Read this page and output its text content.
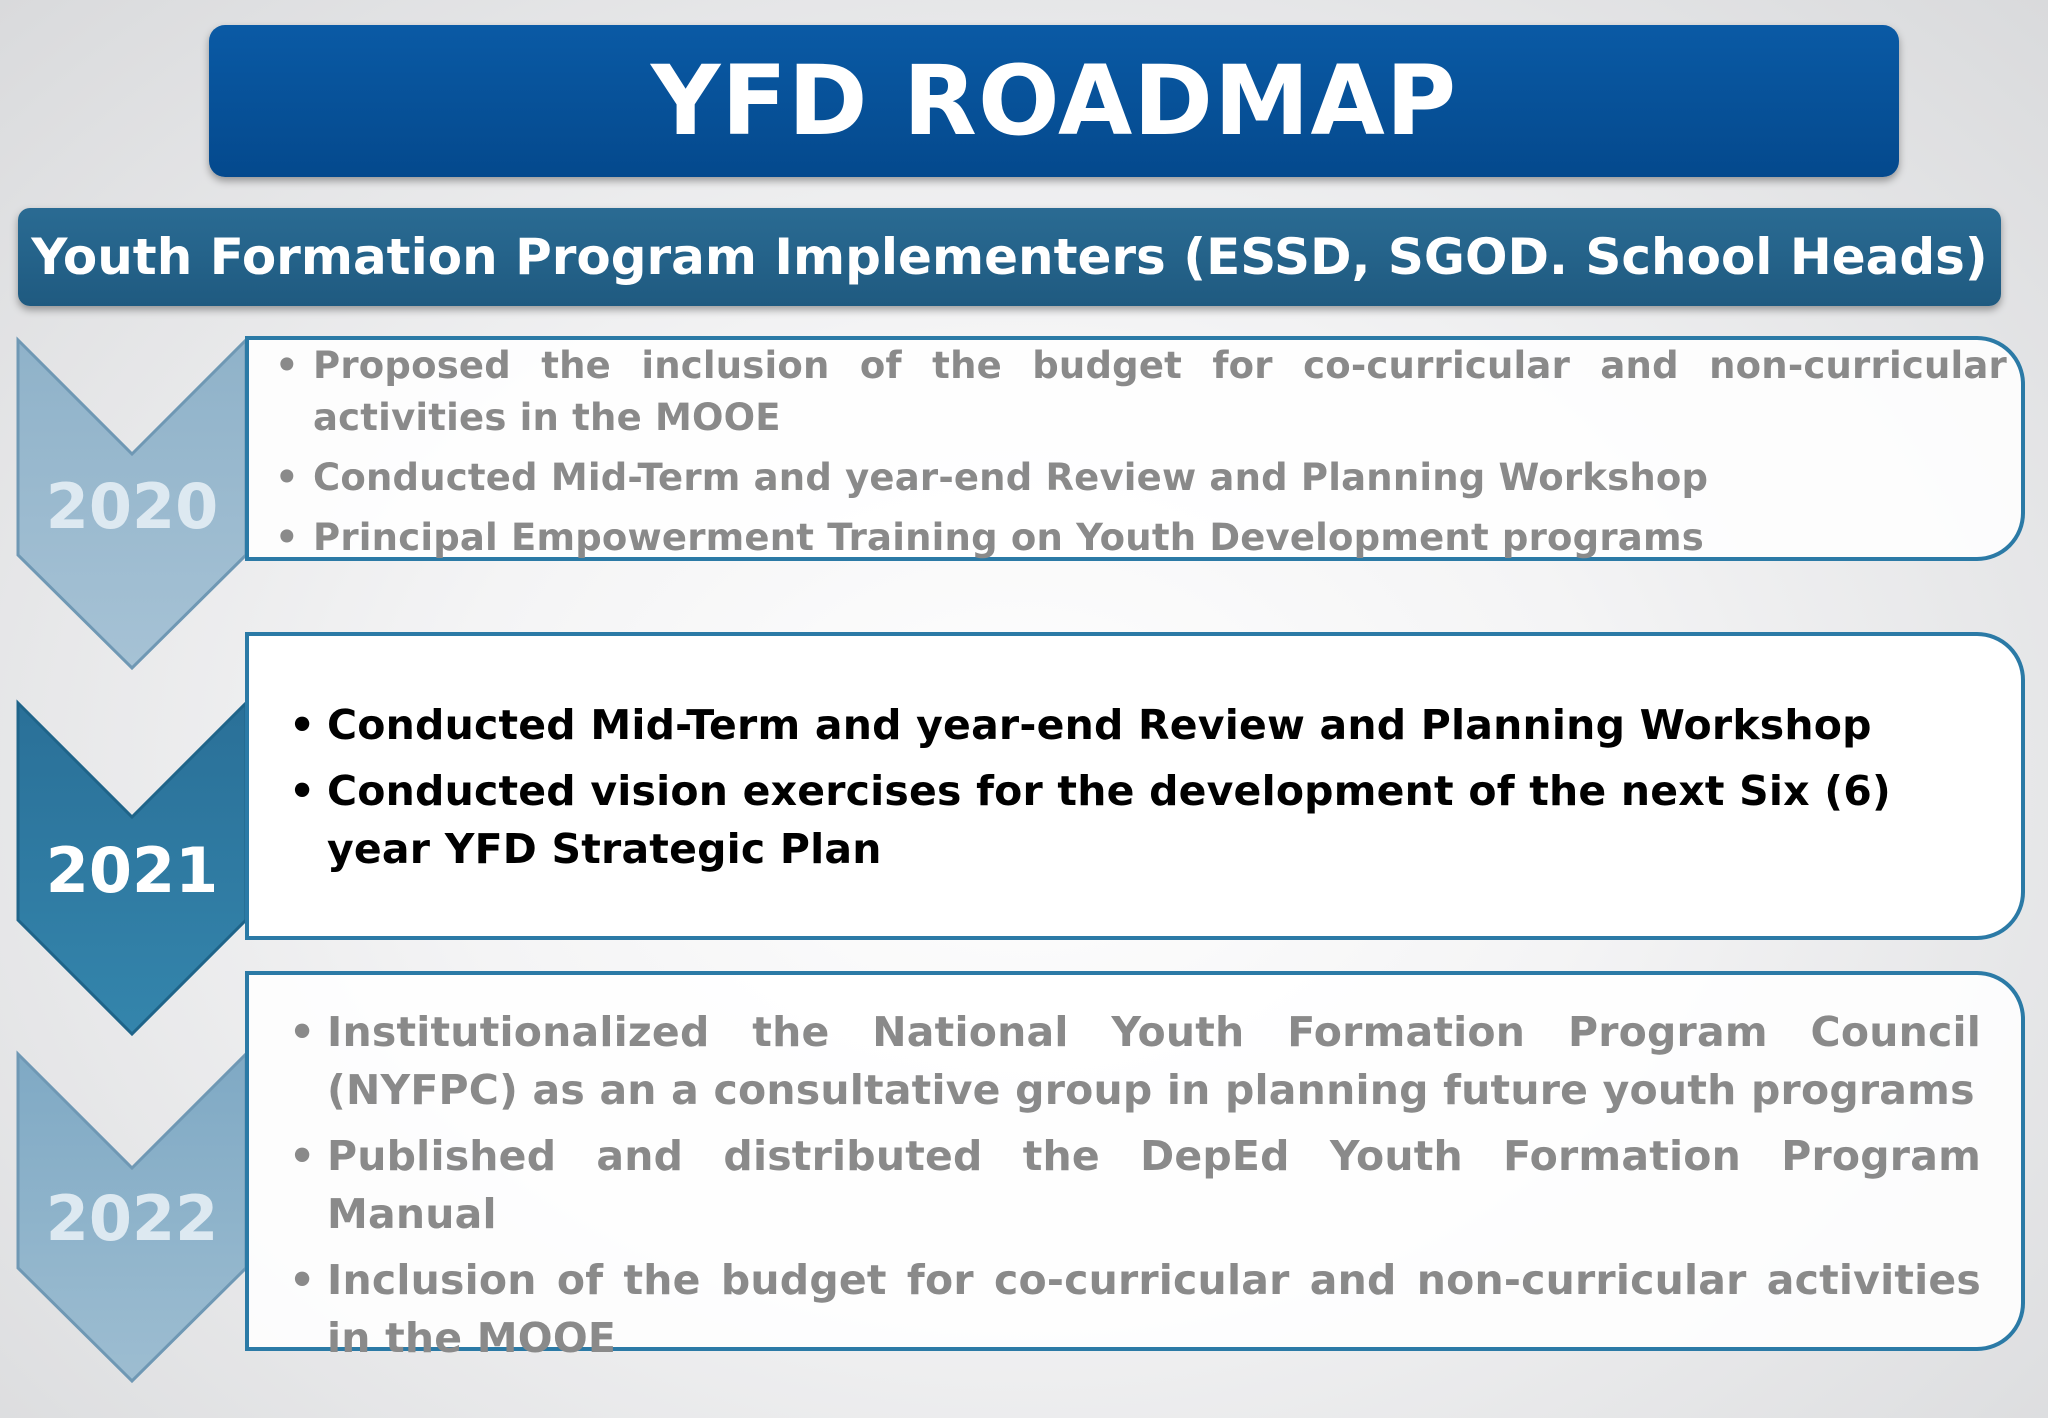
YFD ROADMAP
Youth Formation Program Implementers (ESSD, SGOD. School Heads)
2020
2021
2022
• Proposed the inclusion of the budget for co-curricular and non-curricular activities in the MOOE
• Conducted Mid-Term and year-end Review and Planning Workshop
• Principal Empowerment Training on Youth Development programs
• Conducted Mid-Term and year-end Review and Planning Workshop
• Conducted vision exercises for the development of the next Six (6) year YFD Strategic Plan
• Institutionalized the National Youth Formation Program Council (NYFPC) as an a consultative group in planning future youth programs
• Published and distributed the DepEd Youth Formation Program Manual
• Inclusion of the budget for co-curricular and non-curricular activities in the MOOE
